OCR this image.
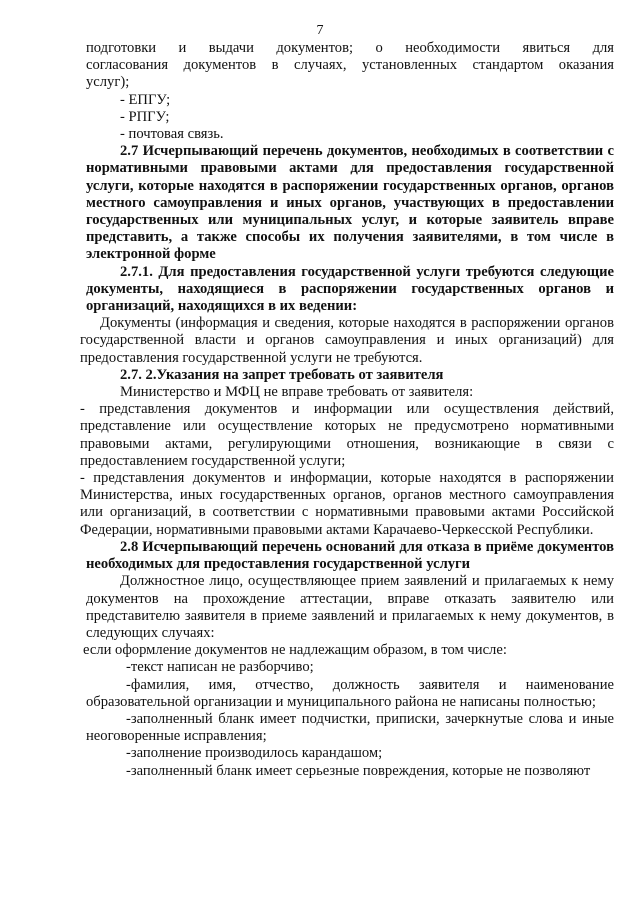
7

подготовки и выдачи документов; о необходимости явиться для

согласования документов в случаях, установленных стандартом оказания

услуг);

- ЕПГУ;

- РПГУ;

- почтовая связь.

2.7 Исчерпывающий перечень документов, необходимых в соответствии с нормативными правовыми актами для предоставления государственной услуги, которые находятся в распоряжении государственных органов, органов местного самоуправления и иных органов, участвующих в предоставлении государственных или муниципальных услуг, и которые заявитель вправе представить, а также способы их получения заявителями, в том числе в электронной форме

2.7.1. Для предоставления государственной услуги требуются следующие документы, находящиеся в распоряжении государственных органов и организаций, находящихся в их ведении:

Документы (информация и сведения, которые находятся в распоряжении органов государственной власти и органов самоуправления и иных организаций) для предоставления государственной услуги не требуются.

2.7. 2.Указания на запрет требовать от заявителя

Министерство и МФЦ не вправе требовать от заявителя:

- представления документов и информации или осуществления действий, представление или осуществление которых не предусмотрено нормативными правовыми актами, регулирующими отношения, возникающие в связи с предоставлением государственной услуги;

- представления документов и информации, которые находятся в распоряжении Министерства, иных государственных органов, органов местного самоуправления или организаций, в соответствии с нормативными правовыми актами Российской Федерации, нормативными правовыми актами Карачаево-Черкесской Республики.

2.8 Исчерпывающий перечень оснований для отказа в приёме документов необходимых для предоставления государственной услуги

Должностное лицо, осуществляющее прием заявлений и прилагаемых к нему документов на прохождение аттестации, вправе отказать заявителю или представителю заявителя в приеме заявлений и прилагаемых к нему документов, в следующих случаях:

если оформление документов не надлежащим образом, в том числе:

-текст написан не разборчиво;

-фамилия, имя, отчество, должность заявителя и наименование образовательной организации и муниципального района не написаны полностью;

-заполненный бланк имеет подчистки, приписки, зачеркнутые слова и иные неоговоренные исправления;

-заполнение производилось карандашом;

-заполненный бланк имеет серьезные повреждения, которые не позволяют
